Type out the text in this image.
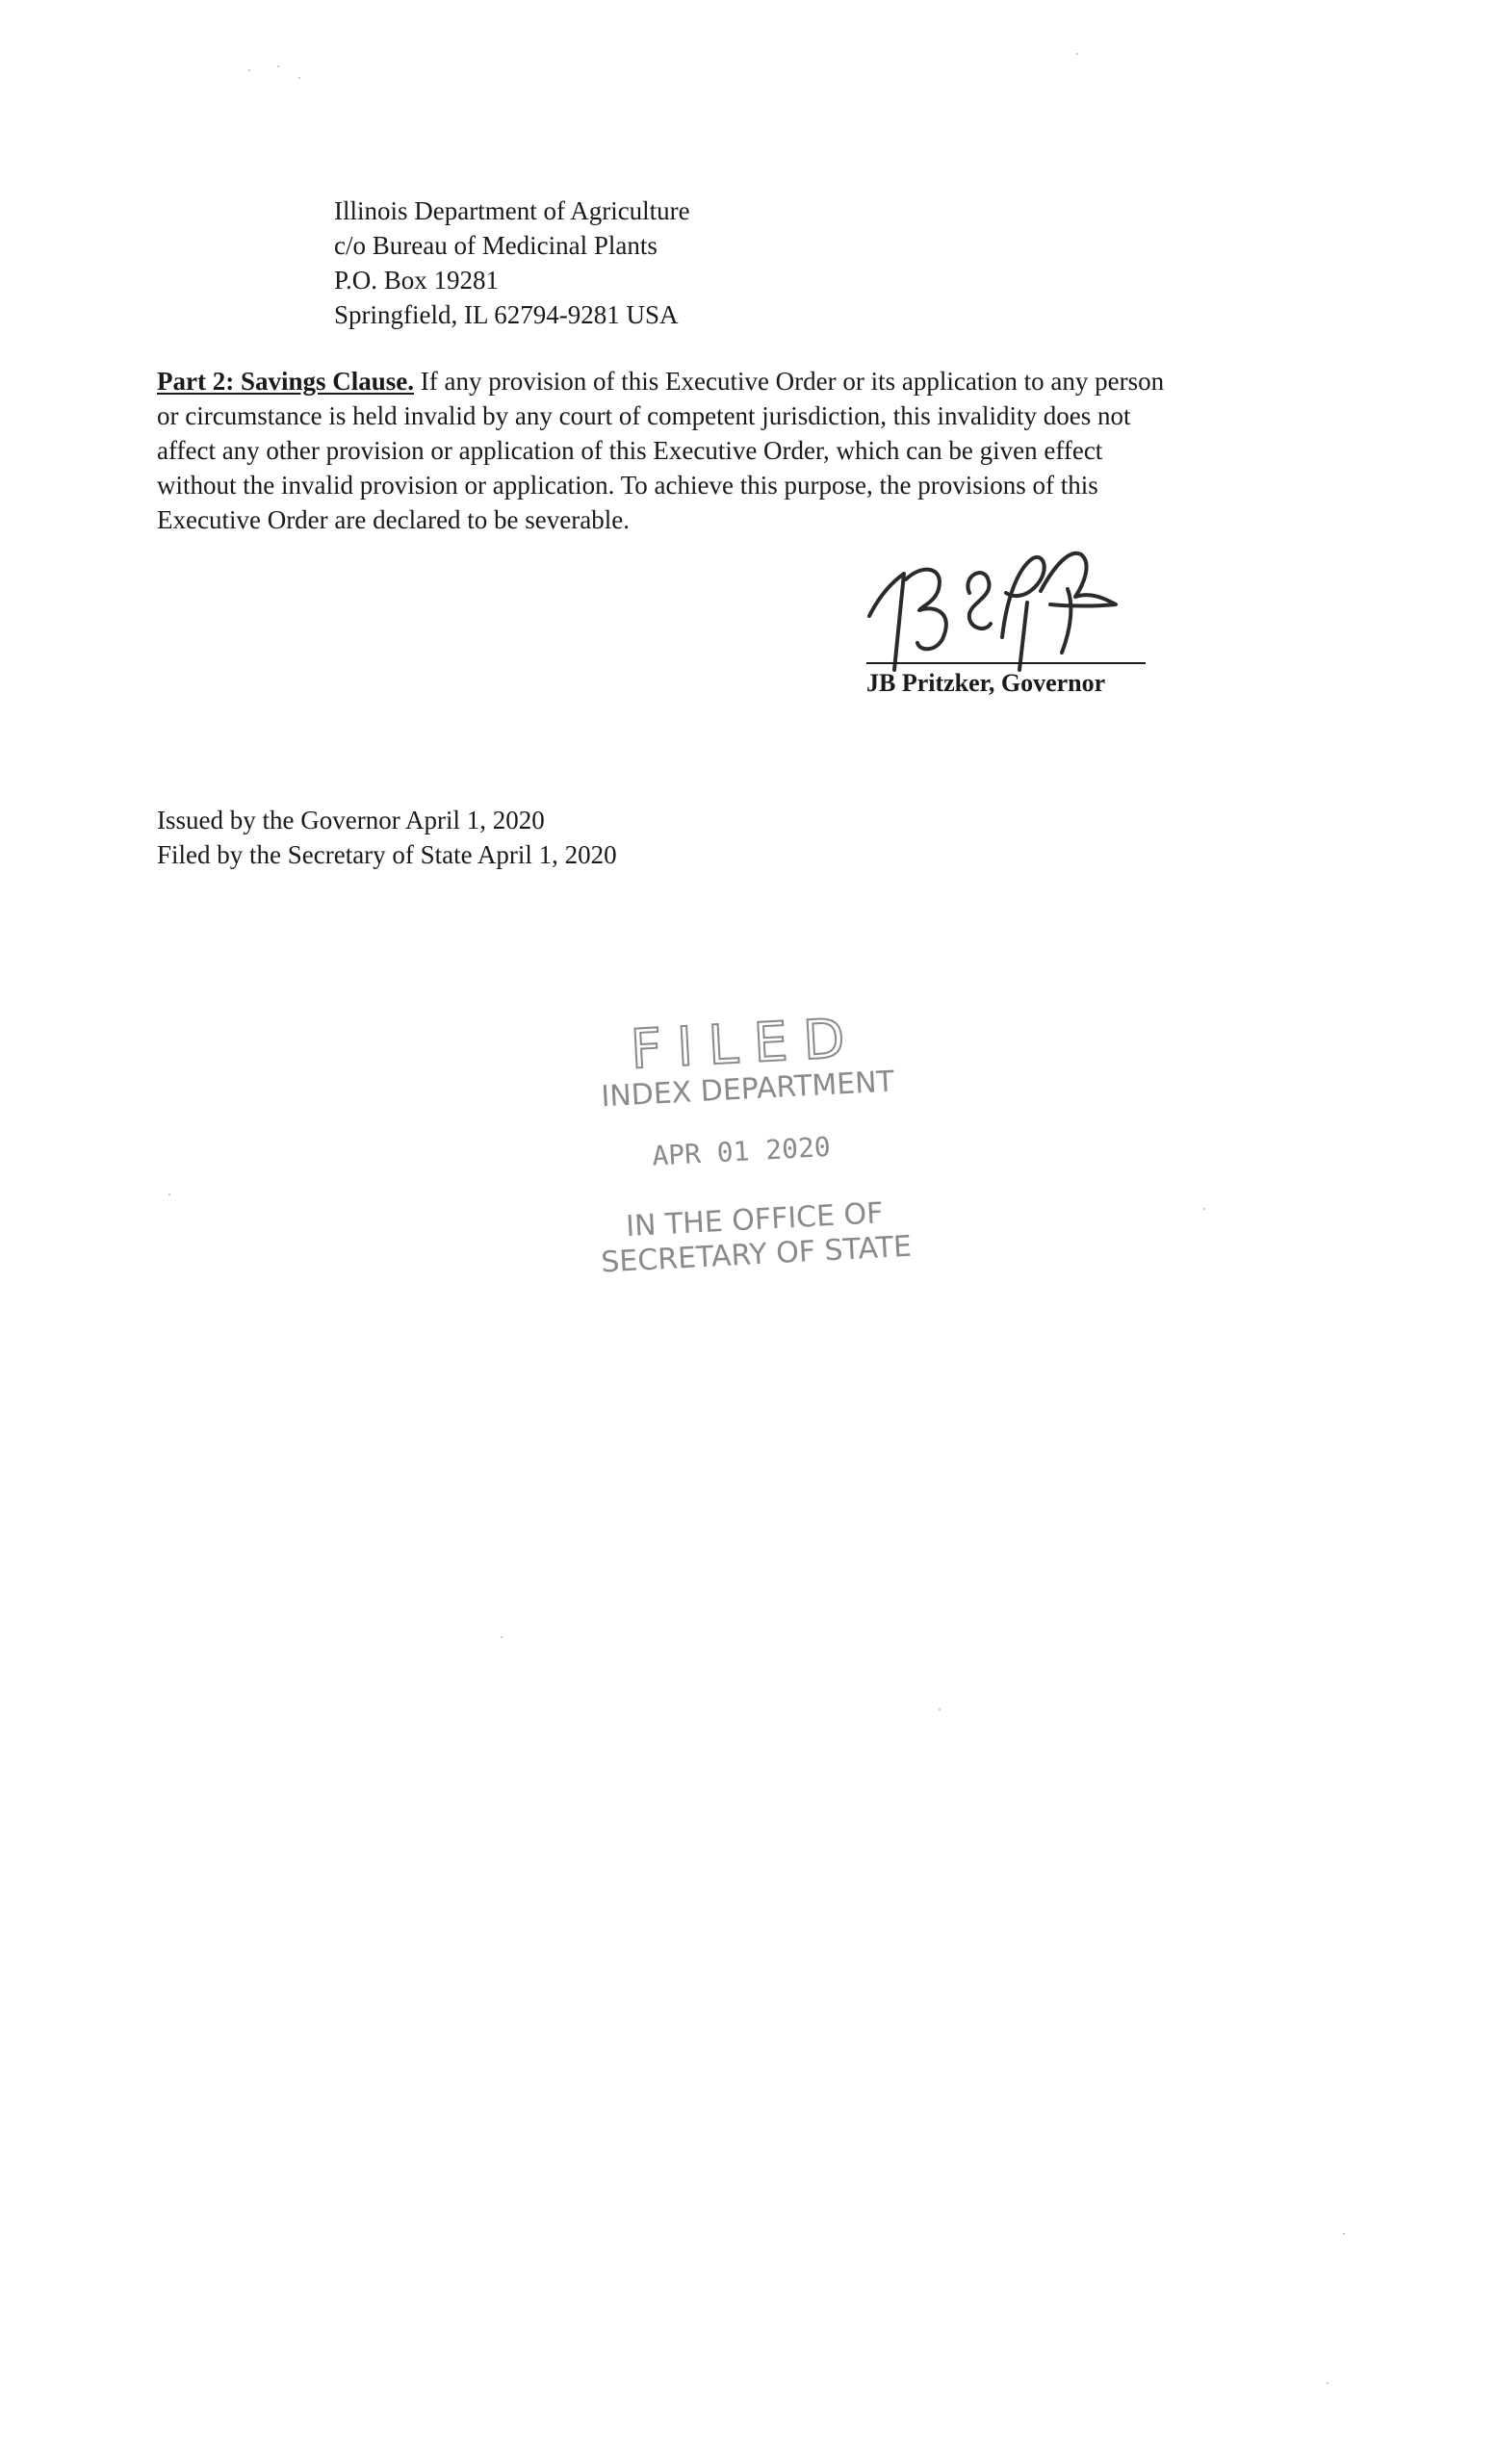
Illinois Department of Agriculture
c/o Bureau of Medicinal Plants
P.O. Box 19281
Springfield, IL 62794-9281 USA
Part 2: Savings Clause. If any provision of this Executive Order or its application to any person
or circumstance is held invalid by any court of competent jurisdiction, this invalidity does not
affect any other provision or application of this Executive Order, which can be given effect
without the invalid provision or application. To achieve this purpose, the provisions of this
Executive Order are declared to be severable.
JB Pritzker, Governor
Issued by the Governor April 1, 2020
Filed by the Secretary of State April 1, 2020
FILED
INDEX DEPARTMENT
APR 01 2020
IN THE OFFICE OF
SECRETARY OF STATE
